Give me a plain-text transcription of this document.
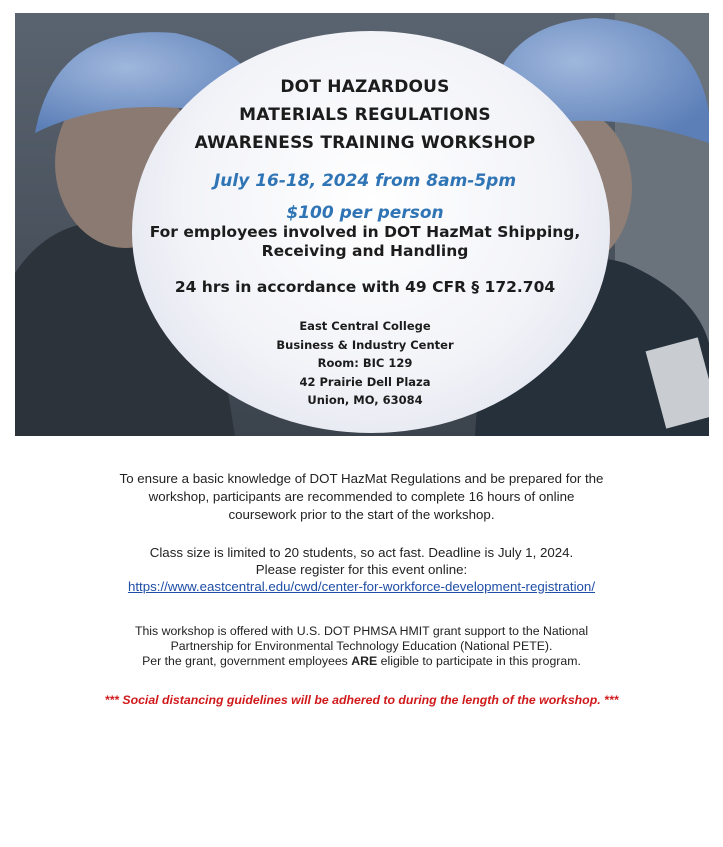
DOT HAZARDOUS
MATERIALS REGULATIONS
AWARENESS TRAINING WORKSHOP
July 16-18, 2024 from 8am-5pm
$100 per person
For employees involved in DOT HazMat Shipping,
Receiving and Handling
24 hrs in accordance with 49 CFR § 172.704
East Central College
Business & Industry Center
Room: BIC 129
42 Prairie Dell Plaza
Union, MO, 63084
To ensure a basic knowledge of DOT HazMat Regulations and be prepared for the
workshop, participants are recommended to complete 16 hours of online
coursework prior to the start of the workshop.
Class size is limited to 20 students, so act fast. Deadline is July 1, 2024.
Please register for this event online:
https://www.eastcentral.edu/cwd/center-for-workforce-development-registration/
This workshop is offered with U.S. DOT PHMSA HMIT grant support to the National
Partnership for Environmental Technology Education (National PETE).
Per the grant, government employees ARE eligible to participate in this program.
*** Social distancing guidelines will be adhered to during the length of the workshop. ***
